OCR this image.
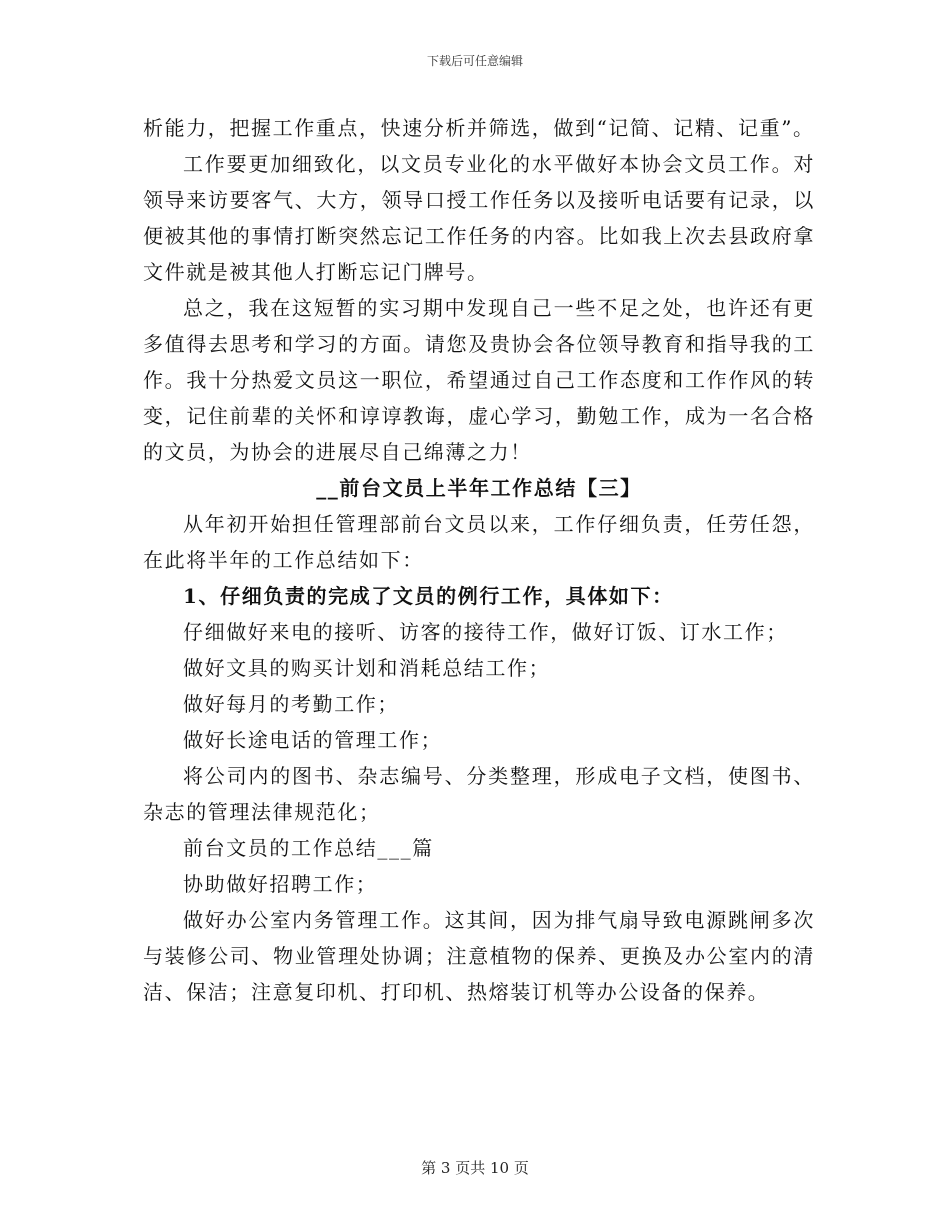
下载后可任意编辑

析能力，把握工作重点，快速分析并筛选，做到“记简、记精、记重”。

工作要更加细致化，以文员专业化的水平做好本协会文员工作。对领导来访要客气、大方，领导口授工作任务以及接听电话要有记录，以便被其他的事情打断突然忘记工作任务的内容。比如我上次去县政府拿文件就是被其他人打断忘记门牌号。

总之，我在这短暂的实习期中发现自己一些不足之处，也许还有更多值得去思考和学习的方面。请您及贵协会各位领导教育和指导我的工作。我十分热爱文员这一职位，希望通过自己工作态度和工作作风的转变，记住前辈的关怀和谆谆教诲，虚心学习，勤勉工作，成为一名合格的文员，为协会的进展尽自己绵薄之力！

__前台文员上半年工作总结【三】

从年初开始担任管理部前台文员以来，工作仔细负责，任劳任怨，在此将半年的工作总结如下：

1、仔细负责的完成了文员的例行工作，具体如下：

仔细做好来电的接听、访客的接待工作，做好订饭、订水工作；

做好文具的购买计划和消耗总结工作；

做好每月的考勤工作；

做好长途电话的管理工作；

将公司内的图书、杂志编号、分类整理，形成电子文档，使图书、杂志的管理法律规范化；

前台文员的工作总结___篇

协助做好招聘工作；

做好办公室内务管理工作。这其间，因为排气扇导致电源跳闸多次与装修公司、物业管理处协调；注意植物的保养、更换及办公室内的清洁、保洁；注意复印机、打印机、热熔装订机等办公设备的保养。

第 3 页共 10 页
